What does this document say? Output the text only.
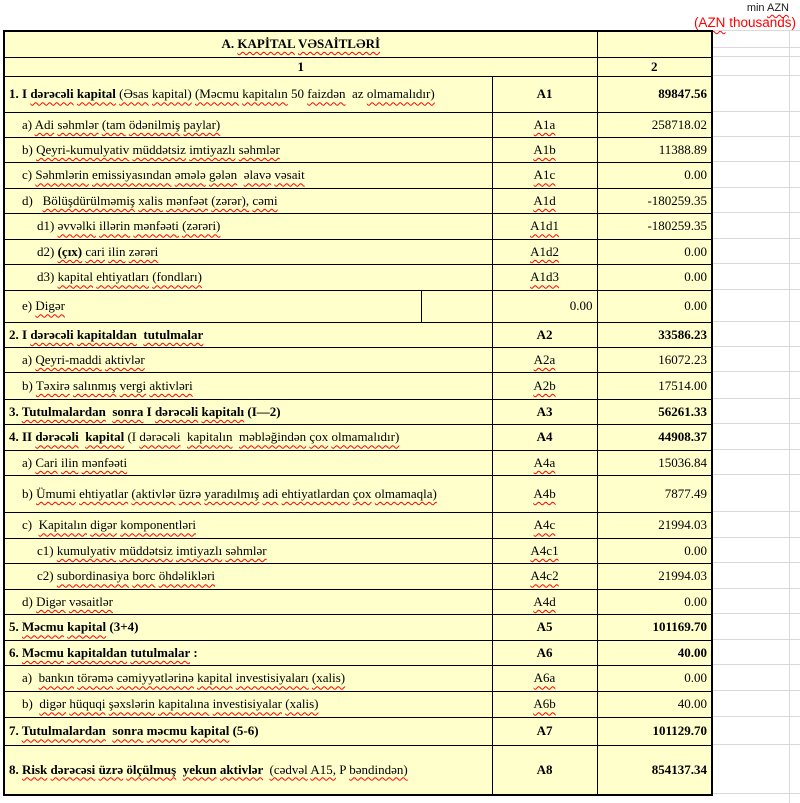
min AZN
(AZN thousands)
A. KAPİTAL VƏSAİTLƏRİ			
1			2
1. I dərəcəli kapital (Əsas kapital) (Məcmu kapitalın 50 faizdən az olmamalıdır)		A1	89847.56
a) Adi səhmlər (tam ödənilmiş paylar)		A1a	258718.02
b) Qeyri-kumulyativ müddətsiz imtiyazlı səhmlər		A1b	11388.89
c) Səhmlərin emissiyasından əmələ gələn əlavə vəsait		A1c	0.00
d) Bölüşdürülməmiş xalis mənfəət (zərər), cəmi		A1d	-180259.35
d1) əvvəlki illərin mənfəəti (zərəri)		A1d1	-180259.35
d2) (çıx) cari ilin zərəri		A1d2	0.00
d3) kapital ehtiyatları (fondları)		A1d3	0.00
e) Digər		0.00	0.00
2. I dərəcəli kapitaldan tutulmalar		A2	33586.23
a) Qeyri-maddi aktivlər		A2a	16072.23
b) Təxirə salınmış vergi aktivləri		A2b	17514.00
3. Tutulmalardan sonra I dərəcəli kapitalı (I—2)		A3	56261.33
4. II dərəcəli kapital (I dərəcəli kapitalın məbləğindən çox olmamalıdır)		A4	44908.37
a) Cari ilin mənfəəti		A4a	15036.84
b) Ümumi ehtiyatlar (aktivlər üzrə yaradılmış adi ehtiyatlardan çox olmamaqla)		A4b	7877.49
c) Kapitalın digər komponentləri		A4c	21994.03
c1) kumulyativ müddətsiz imtiyazlı səhmlər		A4c1	0.00
c2) subordinasiya borc öhdəlikləri		A4c2	21994.03
d) Digər vəsaitlər		A4d	0.00
5. Məcmu kapital (3+4)		A5	101169.70
6. Məcmu kapitaldan tutulmalar :		A6	40.00
a) bankın törəmə cəmiyyətlərinə kapital investisiyaları (xalis)		A6a	0.00
b) digər hüquqi şəxslərin kapitalına investisiyalar (xalis)		A6b	40.00
7. Tutulmalardan sonra məcmu kapital (5-6)		A7	101129.70
8. Risk dərəcəsi üzrə ölçülmuş yekun aktivlər (cədvəl A15, P bəndindən)		A8	854137.34
